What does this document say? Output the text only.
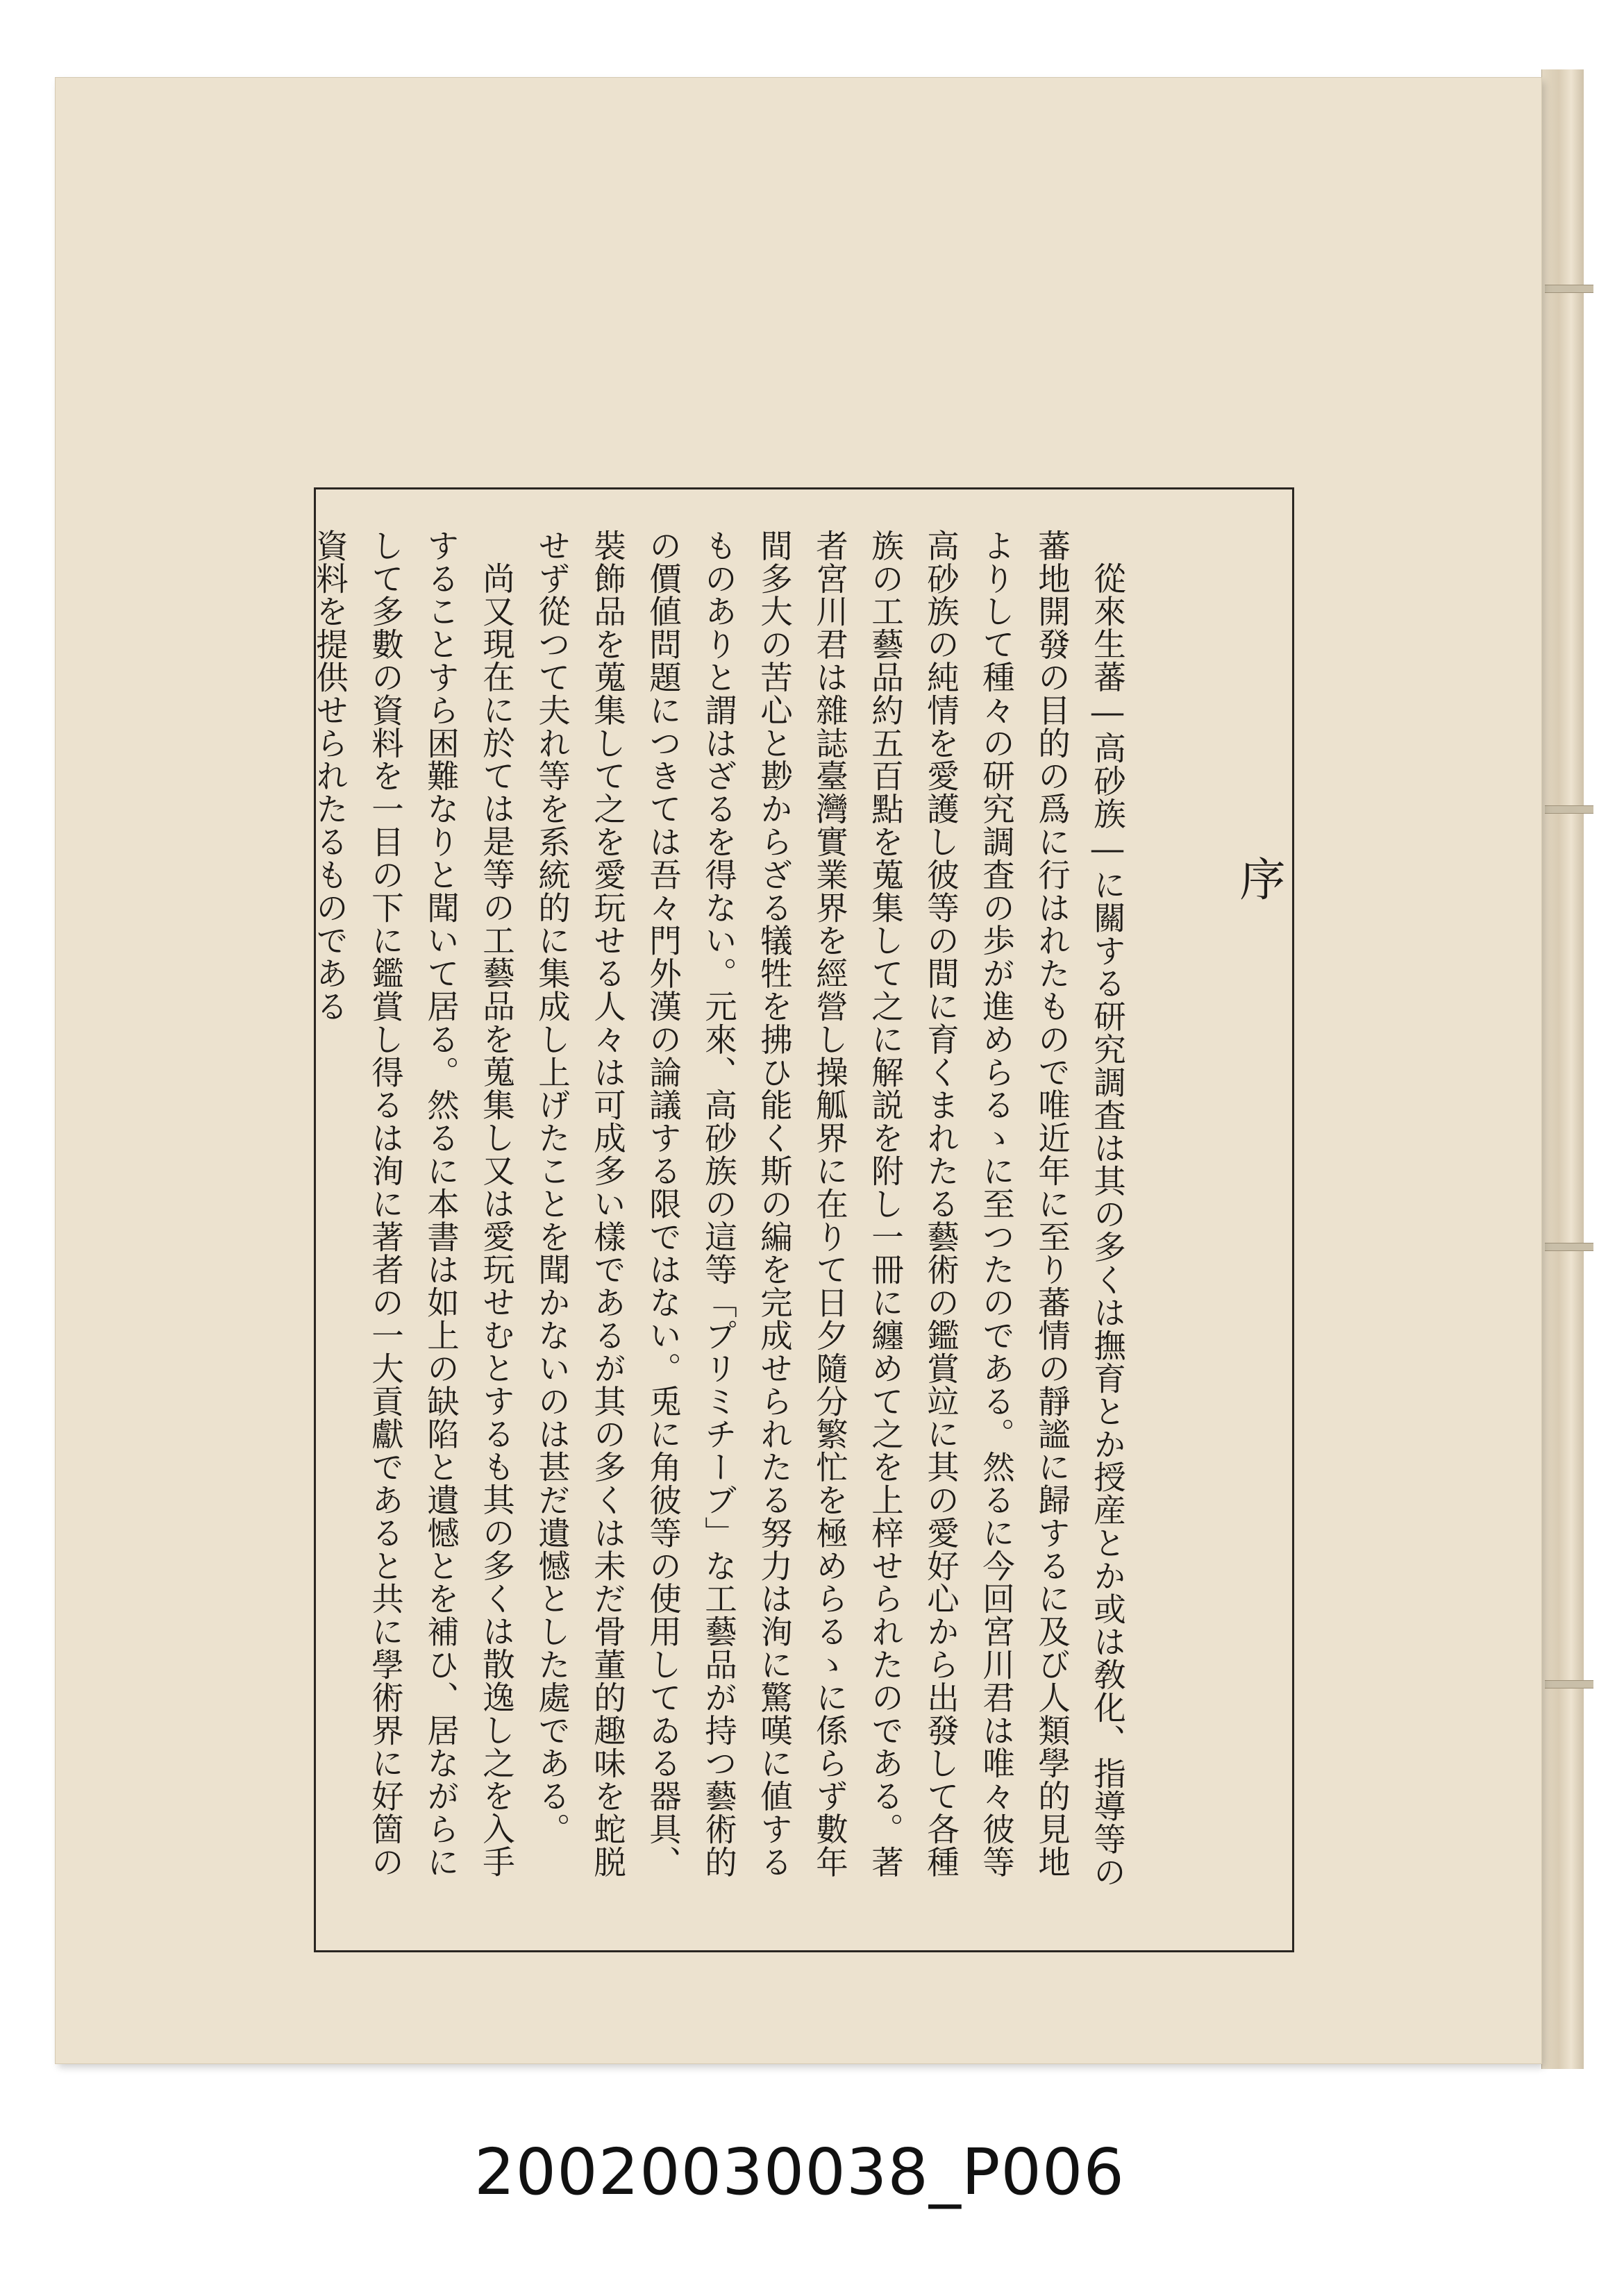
序

從來生蕃―高砂族―に關する研究調査は其の多くは撫育とか授産とか或は敎化、指導等の蕃地開發の目的の爲に行はれたもので唯近年に至り蕃情の靜謐に歸するに及び人類學的見地よりして種々の研究調査の歩が進めらるゝに至つたのである。然るに今回宮川君は唯々彼等高砂族の純情を愛護し彼等の間に育くまれたる藝術の鑑賞竝に其の愛好心から出發して各種族の工藝品約五百點を蒐集して之に解説を附し一冊に纏めて之を上梓せられたのである。著者宮川君は雜誌臺灣實業界を經營し操觚界に在りて日夕隨分繁忙を極めらるゝに係らず數年間多大の苦心と尠からざる犠牲を拂ひ能く斯の編を完成せられたる努力は洵に驚嘆に値するものありと謂はざるを得ない。元來、高砂族の這等「プリミチーブ」な工藝品が持つ藝術的の價値問題につきては吾々門外漢の論議する限ではない。兎に角彼等の使用してゐる器具、裝飾品を蒐集して之を愛玩せる人々は可成多い樣であるが其の多くは未だ骨董的趣味を蛇脱せず從つて夫れ等を系統的に集成し上げたことを聞かないのは甚だ遺憾とした處である。

尚又現在に於ては是等の工藝品を蒐集し又は愛玩せむとするも其の多くは散逸し之を入手することすら困難なりと聞いて居る。然るに本書は如上の缺陷と遺憾とを補ひ、居ながらにして多數の資料を一目の下に鑑賞し得るは洵に著者の一大貢獻であると共に學術界に好箇の資料を提供せられたるものである

20020030038_P006
